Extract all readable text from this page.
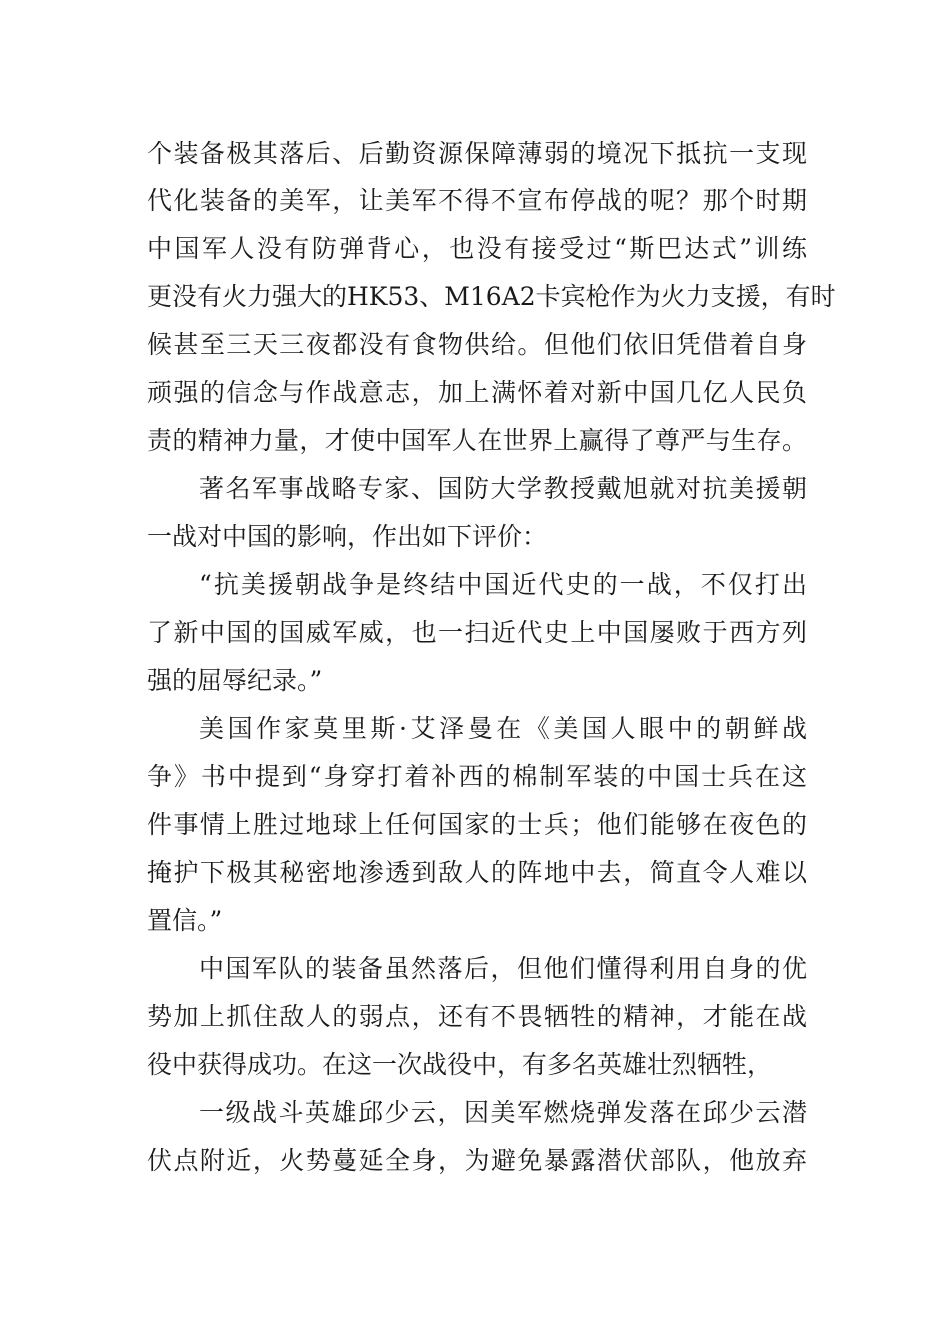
个装备极其落后、后勤资源保障薄弱的境况下抵抗一支现
代化装备的美军，让美军不得不宣布停战的呢？那个时期
中国军人没有防弹背心，也没有接受过“斯巴达式”训练
更没有火力强大的HK53、M16A2卡宾枪作为火力支援，有时
候甚至三天三夜都没有食物供给。但他们依旧凭借着自身
顽强的信念与作战意志，加上满怀着对新中国几亿人民负
责的精神力量，才使中国军人在世界上赢得了尊严与生存。
著名军事战略专家、国防大学教授戴旭就对抗美援朝
一战对中国的影响，作出如下评价：
“抗美援朝战争是终结中国近代史的一战，不仅打出
了新中国的国威军威，也一扫近代史上中国屡败于西方列
强的屈辱纪录。”
美国作家莫里斯·艾泽曼在《美国人眼中的朝鲜战
争》书中提到“身穿打着补西的棉制军装的中国士兵在这
件事情上胜过地球上任何国家的士兵；他们能够在夜色的
掩护下极其秘密地渗透到敌人的阵地中去，简直令人难以
置信。”
中国军队的装备虽然落后，但他们懂得利用自身的优
势加上抓住敌人的弱点，还有不畏牺牲的精神，才能在战
役中获得成功。在这一次战役中，有多名英雄壮烈牺牲，
一级战斗英雄邱少云，因美军燃烧弹发落在邱少云潜
伏点附近，火势蔓延全身，为避免暴露潜伏部队，他放弃
